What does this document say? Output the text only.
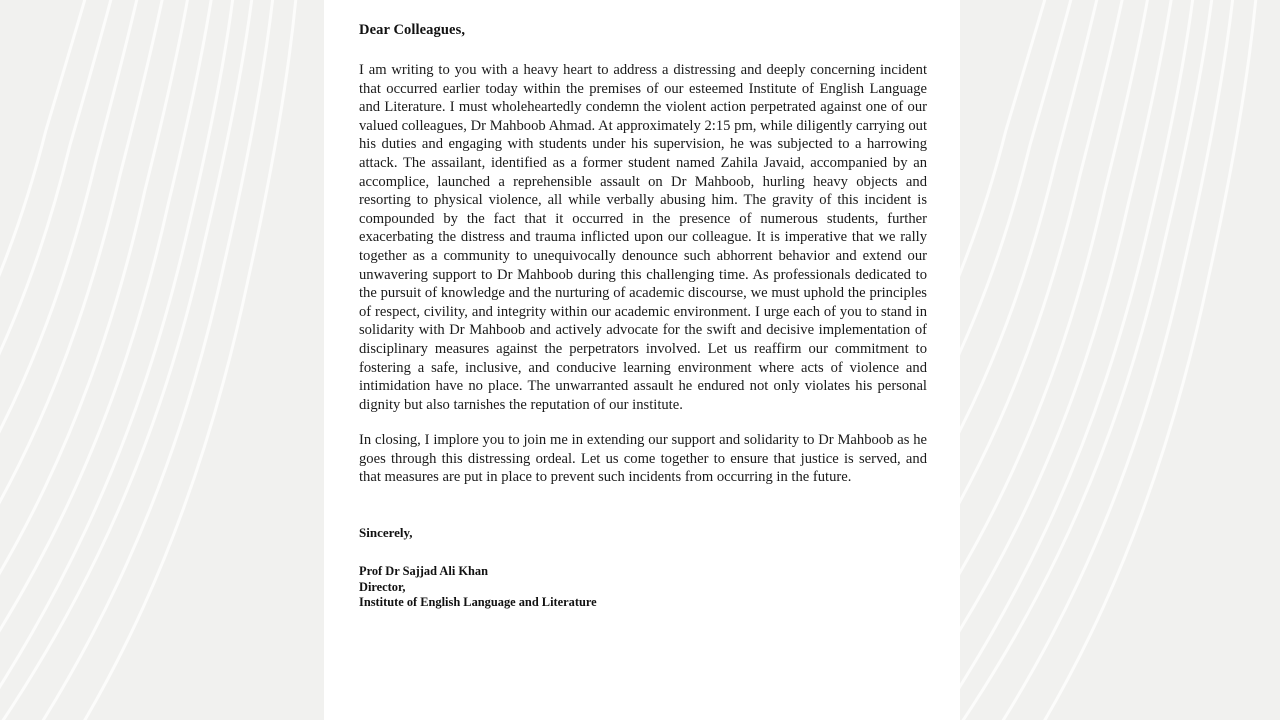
Dear Colleagues,

I am writing to you with a heavy heart to address a distressing and deeply concerning incident that occurred earlier today within the premises of our esteemed Institute of English Language and Literature. I must wholeheartedly condemn the violent action perpetrated against one of our valued colleagues, Dr Mahboob Ahmad. At approximately 2:15 pm, while diligently carrying out his duties and engaging with students under his supervision, he was subjected to a harrowing attack. The assailant, identified as a former student named Zahila Javaid, accompanied by an accomplice, launched a reprehensible assault on Dr Mahboob, hurling heavy objects and resorting to physical violence, all while verbally abusing him. The gravity of this incident is compounded by the fact that it occurred in the presence of numerous students, further exacerbating the distress and trauma inflicted upon our colleague. It is imperative that we rally together as a community to unequivocally denounce such abhorrent behavior and extend our unwavering support to Dr Mahboob during this challenging time. As professionals dedicated to the pursuit of knowledge and the nurturing of academic discourse, we must uphold the principles of respect, civility, and integrity within our academic environment. I urge each of you to stand in solidarity with Dr Mahboob and actively advocate for the swift and decisive implementation of disciplinary measures against the perpetrators involved. Let us reaffirm our commitment to fostering a safe, inclusive, and conducive learning environment where acts of violence and intimidation have no place. The unwarranted assault he endured not only violates his personal dignity but also tarnishes the reputation of our institute.

In closing, I implore you to join me in extending our support and solidarity to Dr Mahboob as he goes through this distressing ordeal. Let us come together to ensure that justice is served, and that measures are put in place to prevent such incidents from occurring in the future.

Sincerely,

Prof Dr Sajjad Ali Khan

Director,

Institute of English Language and Literature
